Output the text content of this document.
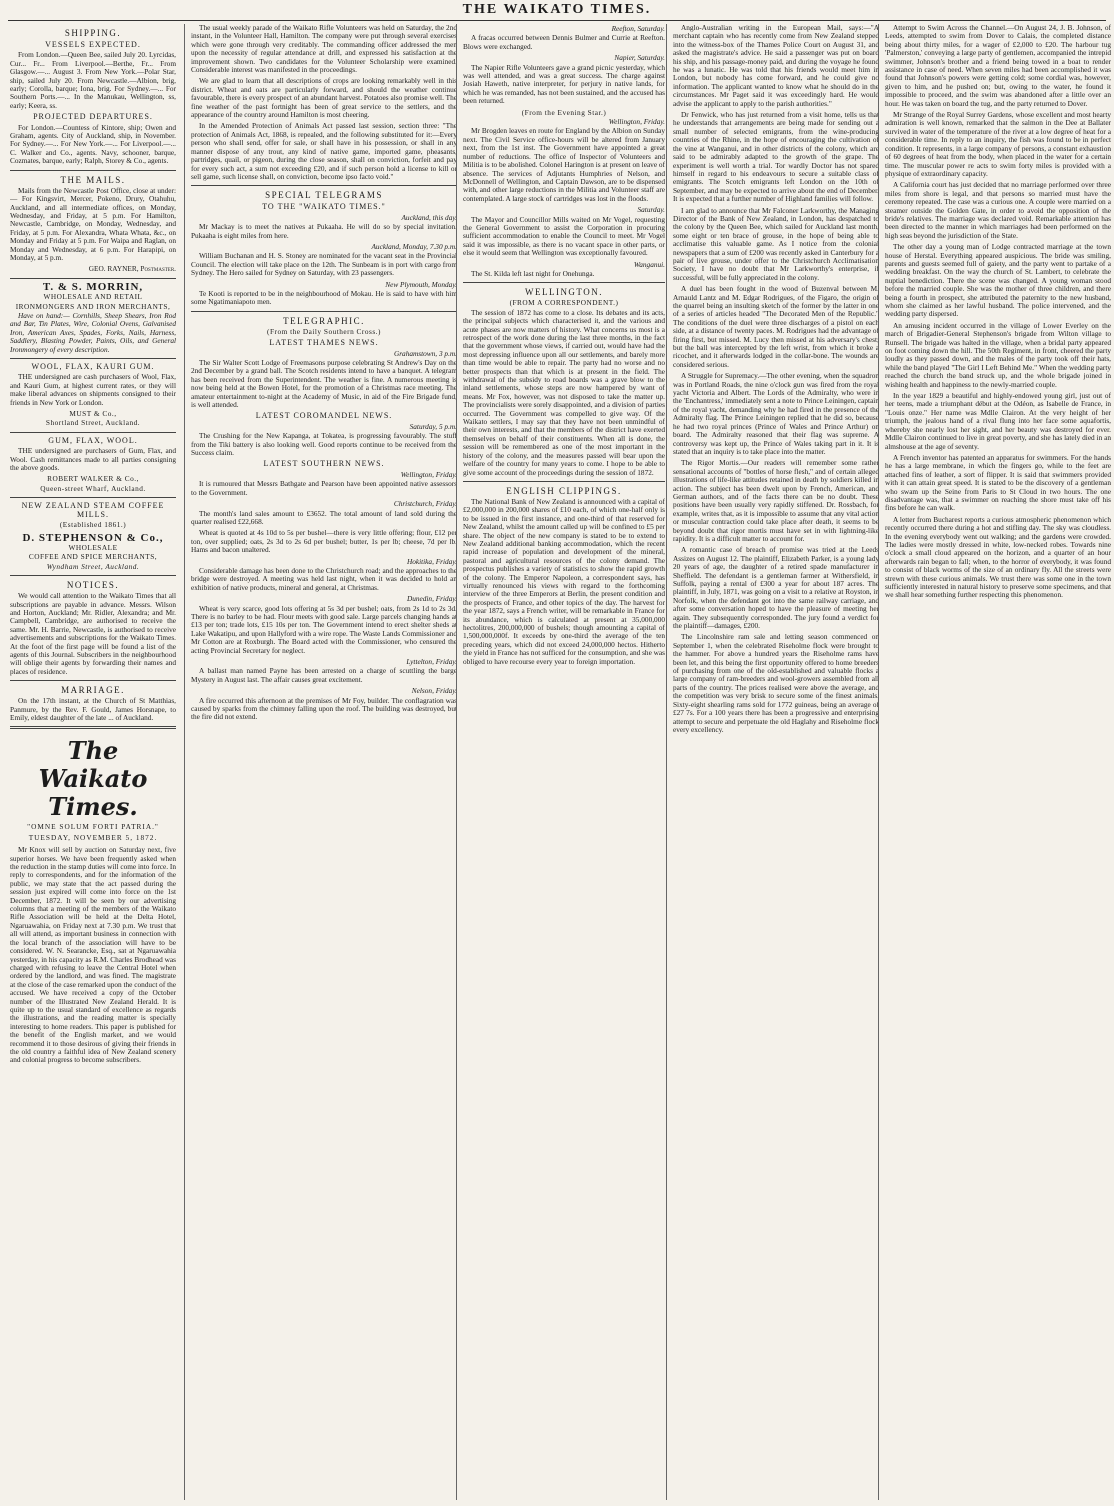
THE WAIKATO TIMES.
SHIPPING.
VESSELS EXPECTED.

From London.—Queen Bee, sailed July 20. Lyrcidas, Cur... Fr... From Liverpool.—Berthe, Fr... From Glasgow.—... August 3. From New York.—Polar Star, ship, sailed July 20. From Newcastle.—Albion, brig, early; Corolla, barque; Iona, brig. For Sydney.—... For Southern Ports.—... In the Manukau, Wellington, ss, early; Keera, ss.

PROJECTED DEPARTURES.

For London.—Countess of Kintore, ship; Owen and Graham, agents. City of Auckland, ship, in November. For Sydney.—... For New York.—... For Liverpool.—... C. Walker and Co., agents. Navy, schooner, barque, Cozmates, barque, early; Ralph, Storey & Co., agents.

THE MAILS.

Mails from the Newcastle Post Office, close at under:— For Kingsvirt, Mercer, Pokeno, Drury, Otahuhu, Auckland, and all intermediate offices, on Monday, Wednesday, and Friday, at 5 p.m. For Hamilton, Newcastle, Cambridge, on Monday, Wednesday, and Friday, at 5 p.m. For Alexandra, Whata Whata, &c., on Monday and Friday at 5 p.m. For Waipa and Raglan, on Monday and Wednesday, at 6 p.m. For Harapipi, on Monday, at 5 p.m.

GEO. RAYNER, Postmaster.
T. & S. MORRIN,
WHOLESALE AND RETAIL
IRONMONGERS AND IRON MERCHANTS,

Have on hand:— Cornhills, Sheep Shears, Iron Rod and Bar, Tin Plates, Wire, Colonial Ovens, Galvanised Iron, American Axes, Spades, Forks, Nails, Harness, Saddlery, Blasting Powder, Paints, Oils, and General Ironmongery of every description.

WOOL, FLAX, KAURI GUM.

THE undersigned are cash purchasers of Wool, Flax, and Kauri Gum, at highest current rates, or they will make liberal advances on shipments consigned to their friends in New York or London.

MUST & Co.,
Shortland Street, Auckland.
GUM, FLAX, WOOL.

THE undersigned are purchasers of Gum, Flax, and Wool. Cash remittances made to all parties consigning the above goods.

ROBERT WALKER & Co.,
Queen-street Wharf, Auckland.
NEW ZEALAND STEAM COFFEE MILLS.
(Established 1861.)
D. STEPHENSON & Co.,
WHOLESALE
COFFEE AND SPICE MERCHANTS,
Wyndham Street, Auckland.
NOTICES.

We would call attention to the Waikato Times that all subscriptions are payable in advance. Messrs. Wilson and Horton, Auckland; Mr. Ridler, Alexandra; and Mr. Campbell, Cambridge, are authorised to receive the same. Mr. H. Barrie, Newcastle, is authorised to receive advertisements and subscriptions for the Waikato Times. At the foot of the first page will be found a list of the agents of this Journal. Subscribers in the neighbourhood will oblige their agents by forwarding their names and places of residence.

MARRIAGE.

On the 17th instant, at the Church of St Matthias, Panmure, by the Rev. F. Gould, James Horsnape, to Emily, eldest daughter of the late ... of Auckland.

The Waikato Times.
"OMNE SOLUM FORTI PATRIA."
TUESDAY, NOVEMBER 5, 1872.

Mr Knox will sell by auction on Saturday next, five superior horses. We have been frequently asked when the reduction in the stamp duties will come into force. In reply to correspondents, and for the information of the public, we may state that the act passed during the session just expired will come into force on the 1st December, 1872. It will be seen by our advertising columns that a meeting of the members of the Waikato Rifle Association will be held at the Delta Hotel, Ngaruawahia, on Friday next at 7.30 p.m. We trust that all will attend, as important business in connection with the local branch of the association will have to be considered. W. N. Searancke, Esq., sat at Ngaruawahia yesterday, in his capacity as R.M. Charles Brodhead was charged with refusing to leave the Central Hotel when ordered by the landlord, and was fined. The magistrate at the close of the case remarked upon the conduct of the accused. We have received a copy of the October number of the Illustrated New Zealand Herald. It is quite up to the usual standard of excellence as regards the illustrations, and the reading matter is specially interesting to home readers. This paper is published for the benefit of the English market, and we would recommend it to those desirous of giving their friends in the old country a faithful idea of New Zealand scenery and colonial progress to become subscribers.

The usual weekly parade of the Waikato Rifle Volunteers was held on Saturday, the 2nd instant, in the Volunteer Hall, Hamilton. The company were put through several exercises which were gone through very creditably. The commanding officer addressed the men upon the necessity of regular attendance at drill, and expressed his satisfaction at the improvement shown. Two candidates for the Volunteer Scholarship were examined. Considerable interest was manifested in the proceedings.

We are glad to learn that all descriptions of crops are looking remarkably well in this district. Wheat and oats are particularly forward, and should the weather continue favourable, there is every prospect of an abundant harvest. Potatoes also promise well. The fine weather of the past fortnight has been of great service to the settlers, and the appearance of the country around Hamilton is most cheering.

In the Amended Protection of Animals Act passed last session, section three: "The protection of Animals Act, 1868, is repealed, and the following substituted for it:—Every person who shall send, offer for sale, or shall have in his possession, or shall in any manner dispose of any trout, any kind of native game, imported game, pheasants, partridges, quail, or pigeon, during the close season, shall on conviction, forfeit and pay for every such act, a sum not exceeding £20, and if such person hold a license to kill or sell game, such license shall, on conviction, become ipso facto void."

SPECIAL TELEGRAMS
TO THE "WAIKATO TIMES."
Auckland, this day.

Mr Mackay is to meet the natives at Pukaaha. He will do so by special invitation. Pukaaha is eight miles from here.

Auckland, Monday, 7.30 p.m.

William Buchanan and H. S. Stoney are nominated for the vacant seat in the Provincial Council. The election will take place on the 12th. The Sunbeam is in port with cargo from Sydney. The Hero sailed for Sydney on Saturday, with 23 passengers.

New Plymouth, Monday.

Te Kooti is reported to be in the neighbourhood of Mokau. He is said to have with him some Ngatimaniapoto men.

TELEGRAPHIC.
(From the Daily Southern Cross.)
LATEST THAMES NEWS.
Grahamstown, 3 p.m.

The Sir Walter Scott Lodge of Freemasons purpose celebrating St Andrew's Day on the 2nd December by a grand ball. The Scotch residents intend to have a banquet. A telegram has been received from the Superintendent. The weather is fine. A numerous meeting is now being held at the Bowen Hotel, for the promotion of a Christmas race meeting. The amateur entertainment to-night at the Academy of Music, in aid of the Fire Brigade fund, is well attended.

LATEST COROMANDEL NEWS.
Saturday, 5 p.m.

The Crushing for the New Kapanga, at Tokatea, is progressing favourably. The stuff from the Tiki battery is also looking well. Good reports continue to be received from the Success claim.

LATEST SOUTHERN NEWS.
Wellington, Friday.

It is rumoured that Messrs Bathgate and Pearson have been appointed native assessors to the Government.

Christchurch, Friday.

The month's land sales amount to £3652. The total amount of land sold during the quarter realised £22,668.

Wheat is quoted at 4s 10d to 5s per bushel—there is very little offering; flour, £12 per ton, over supplied; oats, 2s 3d to 2s 6d per bushel; butter, 1s per lb; cheese, 7d per lb. Hams and bacon unaltered.

Hokitika, Friday.

Considerable damage has been done to the Christchurch road; and the approaches to the bridge were destroyed. A meeting was held last night, when it was decided to hold an exhibition of native products, mineral and general, at Christmas.

Dunedin, Friday.

Wheat is very scarce, good lots offering at 5s 3d per bushel; oats, from 2s 1d to 2s 3d. There is no barley to be had. Flour meets with good sale. Large parcels changing hands at £13 per ton; trade lots, £15 10s per ton. The Government intend to erect shelter sheds at Lake Wakatipu, and upon Hallyford with a wire rope. The Waste Lands Commissioner and Mr Cotton are at Roxburgh. The Board acted with the Commissioner, who censured the acting Provincial Secretary for neglect.

Lyttelton, Friday.

A ballast man named Payne has been arrested on a charge of scuttling the barge Mystery in August last. The affair causes great excitement.

Nelson, Friday.

A fire occurred this afternoon at the premises of Mr Foy, builder. The conflagration was caused by sparks from the chimney falling upon the roof. The building was destroyed, but the fire did not extend.

Reefton, Saturday.

A fracas occurred between Dennis Bulmer and Currie at Reefton. Blows were exchanged.

Napier, Saturday.

The Napier Rifle Volunteers gave a grand picnic yesterday, which was well attended, and was a great success. The charge against Josiah Haweth, native interpreter, for perjury in native lands, for which he was remanded, has not been sustained, and the accused has been returned.

(From the Evening Star.)
Wellington, Friday.

Mr Brogden leaves en route for England by the Albion on Sunday next. The Civil Service office-hours will be altered from January next, from the 1st inst. The Government have appointed a great number of reductions. The office of Inspector of Volunteers and Militia is to be abolished. Colonel Harington is at present on leave of absence. The services of Adjutants Humphries of Nelson, and McDonnell of Wellington, and Captain Dawson, are to be dispensed with, and other large reductions in the Militia and Volunteer staff are contemplated. A large stock of cartridges was lost in the floods.

Saturday.

The Mayor and Councillor Mills waited on Mr Vogel, requesting the General Government to assist the Corporation in procuring sufficient accommodation to enable the Council to meet. Mr Vogel said it was impossible, as there is no vacant space in other parts, or else it would seem that Wellington was exceptionally favoured.

Wanganui.

The St. Kilda left last night for Onehunga.

WELLINGTON.
(FROM A CORRESPONDENT.)

The session of 1872 has come to a close. Its debates and its acts, the principal subjects which characterised it, and the various and acute phases are now matters of history. What concerns us most is a retrospect of the work done during the last three months, in the fact that the government whose views, if carried out, would have had the most depressing influence upon all our settlements, and barely more than time would be able to repair. The party had no worse and no better prospects than that which is at present in the field. The withdrawal of the subsidy to road boards was a grave blow to the inland settlements, whose steps are now hampered by want of means. Mr Fox, however, was not disposed to take the matter up. The provincialists were sorely disappointed, and a division of parties occurred. The Government was compelled to give way. Of the Waikato settlers, I may say that they have not been unmindful of their own interests, and that the members of the district have exerted themselves on behalf of their constituents. When all is done, the session will be remembered as one of the most important in the history of the colony, and the measures passed will bear upon the welfare of the country for many years to come. I hope to be able to give some account of the proceedings during the session of 1872.

ENGLISH CLIPPINGS.

The National Bank of New Zealand is announced with a capital of £2,000,000 in 200,000 shares of £10 each, of which one-half only is to be issued in the first instance, and one-third of that reserved for New Zealand, whilst the amount called up will be confined to £5 per share. The object of the new company is stated to be to extend to New Zealand additional banking accommodation, which the recent rapid increase of population and development of the mineral, pastoral and agricultural resources of the colony demand. The prospectus publishes a variety of statistics to show the rapid growth of the colony. The Emperor Napoleon, a correspondent says, has virtually renounced his views with regard to the forthcoming interview of the three Emperors at Berlin, the present condition and the prospects of France, and other topics of the day. The harvest for the year 1872, says a French writer, will be remarkable in France for its abundance, which is calculated at present at 35,000,000 hectolitres, 200,000,000 of bushels; though amounting a capital of 1,500,000,000f. It exceeds by one-third the average of the ten preceding years, which did not exceed 24,000,000 hectos. Hitherto the yield in France has not sufficed for the consumption, and she was obliged to have recourse every year to foreign importation.

Anglo-Australian writing in the European Mail, says:—"A merchant captain who has recently come from New Zealand stepped into the witness-box of the Thames Police Court on August 31, and asked the magistrate's advice. He said a passenger was put on board his ship, and his passage-money paid, and during the voyage he found he was a lunatic. He was told that his friends would meet him in London, but nobody has come forward, and he could give no information. The applicant wanted to know what he should do in the circumstances. Mr Paget said it was exceedingly hard. He would advise the applicant to apply to the parish authorities."

Dr Fenwick, who has just returned from a visit home, tells us that he understands that arrangements are being made for sending out a small number of selected emigrants, from the wine-producing countries of the Rhine, in the hope of encouraging the cultivation of the vine at Wanganui, and in other districts of the colony, which are said to be admirably adapted to the growth of the grape. The experiment is well worth a trial. Tor wardly Doctor has not spared himself in regard to his endeavours to secure a suitable class of emigrants. The Scotch emigrants left London on the 10th of September, and may be expected to arrive about the end of December. It is expected that a further number of Highland families will follow.

I am glad to announce that Mr Falconer Larkworthy, the Managing Director of the Bank of New Zealand, in London, has despatched to the colony by the Queen Bee, which sailed for Auckland last month, some eight or ten brace of grouse, in the hope of being able to acclimatise this valuable game. As I notice from the colonial newspapers that a sum of £200 was recently asked in Canterbury for a pair of live grouse, under offer to the Christchurch Acclimatisation Society, I have no doubt that Mr Larkworthy's enterprise, if successful, will be fully appreciated in the colony.

A duel has been fought in the wood of Buzenval between M. Arnauld Lantz and M. Edgar Rodrigues, of the Figaro, the origin of the quarrel being an insulting sketch of the former by the latter in one of a series of articles headed "The Decorated Men of the Republic." The conditions of the duel were three discharges of a pistol on each side, at a distance of twenty paces. M. Rodrigues had the advantage of firing first, but missed. M. Lucy then missed at his adversary's chest; but the ball was intercepted by the left wrist, from which it broke a ricochet, and it afterwards lodged in the collar-bone. The wounds are considered serious.

A Struggle for Supremacy.—The other evening, when the squadron was in Portland Roads, the nine o'clock gun was fired from the royal yacht Victoria and Albert. The Lords of the Admiralty, who were in the 'Enchantress,' immediately sent a note to Prince Leiningen, captain of the royal yacht, demanding why he had fired in the presence of the Admiralty flag. The Prince Leiningen replied that he did so, because he had two royal princes (Prince of Wales and Prince Arthur) on board. The Admiralty reasoned that their flag was supreme. A controversy was kept up, the Prince of Wales taking part in it. It is stated that an inquiry is to take place into the matter.

The Rigor Mortis.—Our readers will remember some rather sensational accounts of "bottles of horse flesh," and of certain alleged illustrations of life-like attitudes retained in death by soldiers killed in action. The subject has been dwelt upon by French, American, and German authors, and of the facts there can be no doubt. These positions have been usually very rapidly stiffened. Dr. Rossbach, for example, writes that, as it is impossible to assume that any vital action or muscular contraction could take place after death, it seems to be beyond doubt that rigor mortis must have set in with lightning-like rapidity. It is a difficult matter to account for.

A romantic case of breach of promise was tried at the Leeds Assizes on August 12. The plaintiff, Elizabeth Parker, is a young lady 20 years of age, the daughter of a retired spade manufacturer in Sheffield. The defendant is a gentleman farmer at Withersfield, in Suffolk, paying a rental of £300 a year for about 187 acres. The plaintiff, in July, 1871, was going on a visit to a relative at Royston, in Norfolk, when the defendant got into the same railway carriage, and after some conversation hoped to have the pleasure of meeting her again. They subsequently corresponded. The jury found a verdict for the plaintiff—damages, £200.

The Lincolnshire ram sale and letting season commenced on September 1, when the celebrated Riseholme flock were brought to the hammer. For above a hundred years the Riseholme rams have been let, and this being the first opportunity offered to home breeders of purchasing from one of the old-established and valuable flocks a large company of ram-breeders and wool-growers assembled from all parts of the country. The prices realised were above the average, and the competition was very brisk to secure some of the finest animals. Sixty-eight shearling rams sold for 1772 guineas, being an average of £27 7s. For a 100 years there has been a progressive and enterprising attempt to secure and perpetuate the old Haglahy and Riseholme flock every excellency.

Attempt to Swim Across the Channel.—On August 24, J. B. Johnson, of Leeds, attempted to swim from Dover to Calais, the completed distance being about thirty miles, for a wager of £2,000 to £20. The harbour tug 'Palmerston,' conveying a large party of gentlemen, accompanied the intrepid swimmer, Johnson's brother and a friend being towed in a boat to render assistance in case of need. When seven miles had been accomplished it was found that Johnson's powers were getting cold; some cordial was, however, given to him, and he pushed on; but, owing to the water, he found it impossible to proceed, and the swim was abandoned after a little over an hour. He was taken on board the tug, and the party returned to Dover.

Mr Strange of the Royal Surrey Gardens, whose excellent and most hearty admiration is well known, remarked that the salmon in the Dee at Ballater survived in water of the temperature of the river at a low degree of heat for a considerable time. In reply to an inquiry, the fish was found to be in perfect condition. It represents, in a large company of persons, a constant exhaustion of 60 degrees of heat from the body, when placed in the water for a certain time. The muscular power re acts to swim forty miles is provided with a physique of extraordinary capacity.

A California court has just decided that no marriage performed over three miles from shore is legal, and that persons so married must have the ceremony repeated. The case was a curious one. A couple were married on a steamer outside the Golden Gate, in order to avoid the opposition of the bride's relatives. The marriage was declared void. Remarkable attention has been directed to the manner in which marriages had been performed on the high seas beyond the jurisdiction of the State.

The other day a young man of Lodge contracted marriage at the town house of Herstal. Everything appeared auspicious. The bride was smiling, parents and guests seemed full of gaiety, and the party went to partake of a wedding breakfast. On the way the church of St. Lambert, to celebrate the nuptial benediction. There the scene was changed. A young woman stood before the married couple. She was the mother of three children, and there being a fourth in prospect, she attributed the paternity to the new husband, whom she claimed as her lawful husband. The police intervened, and the wedding party dispersed.

An amusing incident occurred in the village of Lower Everley on the march of Brigadier-General Stephenson's brigade from Wilton village to Runsell. The brigade was halted in the village, when a bridal party appeared on foot coming down the hill. The 50th Regiment, in front, cheered the party loudly as they passed down, and the males of the party took off their hats, while the band played "The Girl I Left Behind Me." When the wedding party reached the church the band struck up, and the whole brigade joined in wishing health and happiness to the newly-married couple.

In the year 1829 a beautiful and highly-endowed young girl, just out of her teens, made a triumphant début at the Odéon, as Isabelle de France, in "Louis onze." Her name was Mdlle Clairon. At the very height of her triumph, the jealous hand of a rival flung into her face some aquafortis, whereby she nearly lost her sight, and her beauty was destroyed for ever. Mdlle Clairon continued to live in great poverty, and she has lately died in an almshouse at the age of seventy.

A French inventor has patented an apparatus for swimmers. For the hands he has a large membrane, in which the fingers go, while to the feet are attached fins of leather, a sort of flipper. It is said that swimmers provided with it can attain great speed. It is stated to be the discovery of a gentleman who swam up the Seine from Paris to St Cloud in two hours. The one disadvantage was, that a swimmer on reaching the shore must take off his fins before he can walk.

A letter from Bucharest reports a curious atmospheric phenomenon which recently occurred there during a hot and stifling day. The sky was cloudless. In the evening everybody went out walking; and the gardens were crowded. The ladies were mostly dressed in white, low-necked robes. Towards nine o'clock a small cloud appeared on the horizon, and a quarter of an hour afterwards rain began to fall; when, to the horror of everybody, it was found to consist of black worms of the size of an ordinary fly. All the streets were strewn with these curious animals. We trust there was some one in the town sufficiently interested in natural history to preserve some specimens, and that we shall hear something further respecting this phenomenon.
